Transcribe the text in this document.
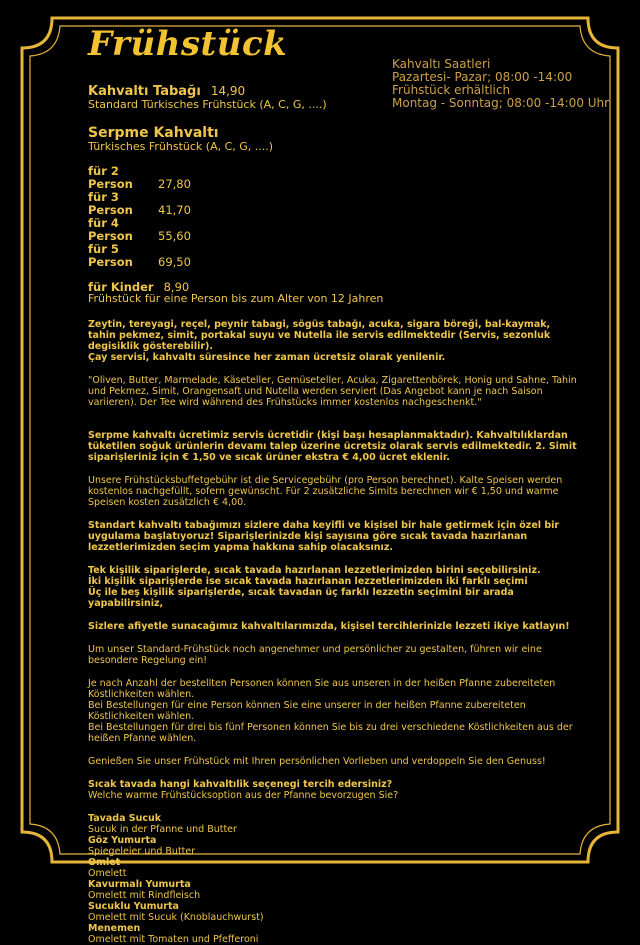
Frühstück	Kahvaltı Saatleri
Pazartesi- Pazar; 08:00 -14:00
Frühstück erhältlich
Montag - Sonntag; 08:00 -14:00 Uhr
Kahvaltı Tabağı 14,90
Standard Türkisches Frühstück (A, C, G, ....)
Serpme Kahvaltı
Türkisches Frühstück (A, C, G, ....)
für 2 Person 27,80
für 3 Person 41,70
für 4 Person 55,60
für 5 Person 69,50
für Kinder 8,90
Frühstück für eine Person bis zum Alter von 12 Jahren

Zeytin, tereyagi, reçel, peynir tabagi, sögüs tabağı, acuka, sigara böreği, bal-kaymak, tahin pekmez, simit, portakal suyu ve Nutella ile servis edilmektedir (Servis, sezonluk degisiklik gösterebilir).

Çay servisi, kahvaltı süresince her zaman ücretsiz olarak yenilenir.

"Oliven, Butter, Marmelade, Käseteller, Gemüseteller, Acuka, Zigarettenbörek, Honig und Sahne, Tahin und Pekmez, Simit, Orangensaft und Nutella werden serviert (Das Angebot kann je nach Saison variieren). Der Tee wird während des Frühstücks immer kostenlos nachgeschenkt."

Serpme kahvaltı ücretimiz servis ücretidir (kişi başı hesaplanmaktadır). Kahvaltılıklardan tüketilen soğuk ürünlerin devamı talep üzerine ücretsiz olarak servis edilmektedir. 2. Simit siparişleriniz için € 1,50 ve sıcak ürüner ekstra € 4,00 ücret eklenir.

Unsere Frühstücksbuffetgebühr ist die Servicegebühr (pro Person berechnet). Kalte Speisen werden kostenlos nachgefüllt, sofern gewünscht. Für 2 zusätzliche Simits berechnen wir € 1,50 und warme Speisen kosten zusätzlich € 4,00.

Standart kahvaltı tabağımızı sizlere daha keyifli ve kişisel bir hale getirmek için özel bir uygulama başlatıyoruz! Siparişlerinizde kişi sayısına göre sıcak tavada hazırlanan lezzetlerimizden seçim yapma hakkına sahip olacaksınız.

Tek kişilik siparişlerde, sıcak tavada hazırlanan lezzetlerimizden birini seçebilirsiniz.

İki kişilik siparişlerde ise sıcak tavada hazırlanan lezzetlerimizden iki farklı seçimi

Üç ile beş kişilik siparişlerde, sıcak tavadan üç farklı lezzetin seçimini bir arada yapabilirsiniz,

Sizlere afiyetle sunacağımız kahvaltılarımızda, kişisel tercihlerinizle lezzeti ikiye katlayın!

Um unser Standard-Frühstück noch angenehmer und persönlicher zu gestalten, führen wir eine besondere Regelung ein!

Je nach Anzahl der bestellten Personen können Sie aus unseren in der heißen Pfanne zubereiteten Köstlichkeiten wählen.

Bei Bestellungen für eine Person können Sie eine unserer in der heißen Pfanne zubereiteten Köstlichkeiten wählen.

Bei Bestellungen für drei bis fünf Personen können Sie bis zu drei verschiedene Köstlichkeiten aus der heißen Pfanne wählen.

Genießen Sie unser Frühstück mit Ihren persönlichen Vorlieben und verdoppeln Sie den Genuss!

Sıcak tavada hangi kahvaltılik seçenegi tercih edersiniz?

Welche warme Frühstücksoption aus der Pfanne bevorzugen Sie?

Tavada Sucuk

Sucuk in der Pfanne und Butter

Göz Yumurta

Spiegeleier und Butter

Omlet

Omelett

Kavurmalı Yumurta

Omelett mit Rindfleisch

Sucuklu Yumurta

Omelett mit Sucuk (Knoblauchwurst)

Menemen

Omelett mit Tomaten und Pfefferoni
